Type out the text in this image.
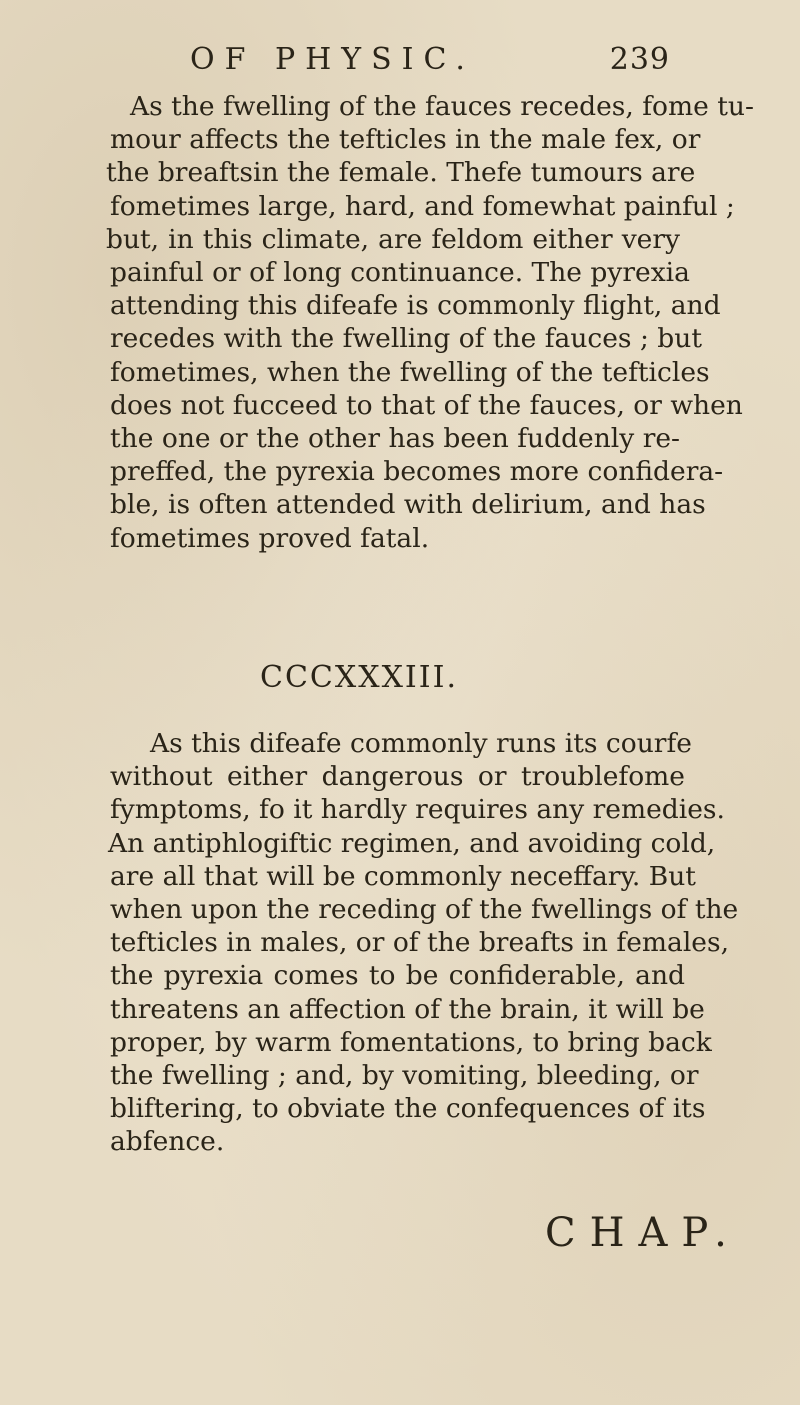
OF PHYSIC.	239
As the fwelling of the fauces recedes, fome tu-
mour affects the tefticles in the male fex, or
the breaftsin the female. Thefe tumours are
fometimes large, hard, and fomewhat painful ;
but, in this climate, are feldom either very
painful or of long continuance. The pyrexia
attending this difeafe is commonly flight, and
recedes with the fwelling of the fauces ; but
fometimes, when the fwelling of the tefticles
does not fucceed to that of the fauces, or when
the one or the other has been fuddenly re-
preffed, the pyrexia becomes more confidera-
ble, is often attended with delirium, and has
fometimes proved fatal.
CCCXXXIII.
As this difeafe commonly runs its courfe
without either dangerous or troublefome
fymptoms, fo it hardly requires any remedies.
An antiphlogiftic regimen, and avoiding cold,
are all that will be commonly neceffary. But
when upon the receding of the fwellings of the
tefticles in males, or of the breafts in females,
the pyrexia comes to be confiderable, and
threatens an affection of the brain, it will be
proper, by warm fomentations, to bring back
the fwelling ; and, by vomiting, bleeding, or
bliftering, to obviate the confequences of its
abfence.
CHAP.
